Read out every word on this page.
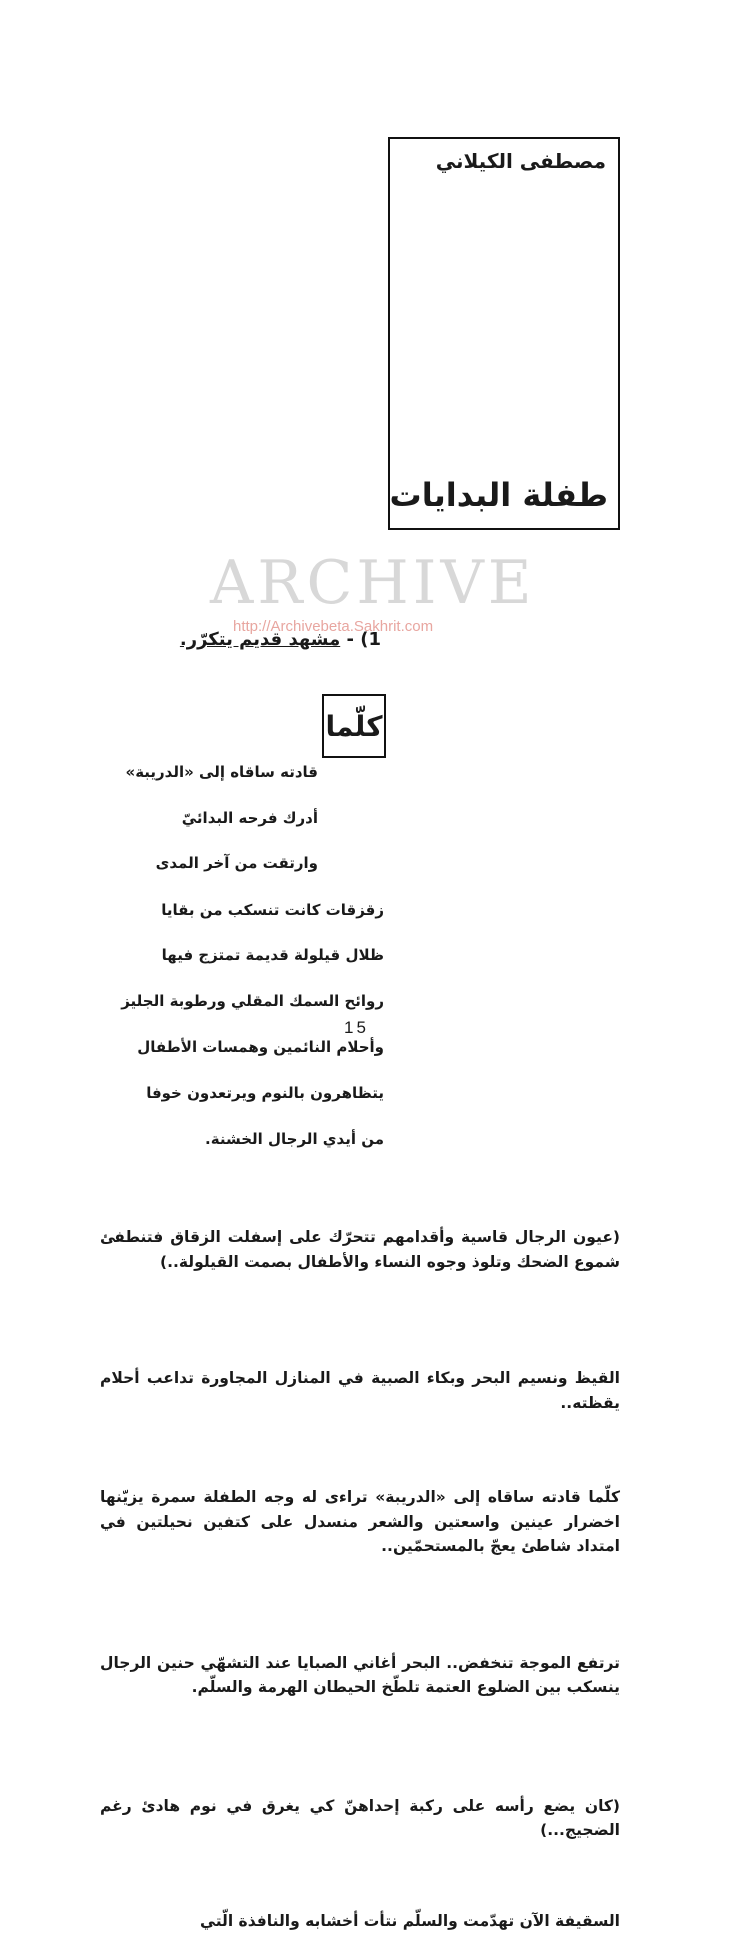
ARCHIVE
http://Archivebeta.Sakhrit.com
مصطفى الكيلاني
طفلة البدايات
1) - مشهد قديم يتكرّر.
كلّما
قادته ساقاه إلى «الدريبة»
أدرك فرحه البدائيّ
وارتقت من آخر المدى
زقزقات كانت تنسكب من بقايا
ظلال قيلولة قديمة تمتزج فيها
روائح السمك المقلي ورطوبة الجليز
وأحلام النائمين وهمسات الأطفال
يتظاهرون بالنوم ويرتعدون خوفا
من أيدي الرجال الخشنة.

(عيون الرجال قاسية وأقدامهم تتحرّك على إسفلت الزقاق فتنطفئ شموع الضحك وتلوذ وجوه النساء والأطفال بصمت القيلولة..)

القيظ ونسيم البحر وبكاء الصبية في المنازل المجاورة تداعب أحلام يقظته..

كلّما قادته ساقاه إلى «الدريبة» تراءى له وجه الطفلة سمرة يزيّنها اخضرار عينين واسعتين والشعر منسدل على كتفين نحيلتين في امتداد شاطئ يعجّ بالمستحمّين..

ترتفع الموجة تنخفض.. البحر أغاني الصبايا عند التشهّي حنين الرجال ينسكب بين الضلوع العتمة تلطّخ الحيطان الهرمة والسلّم.

(كان يضع رأسه على ركبة إحداهنّ كي يغرق في نوم هادئ رغم الضجيج...)

السقيفة الآن تهدّمت والسلّم نتأت أخشابه والنافذة الّتي

15
